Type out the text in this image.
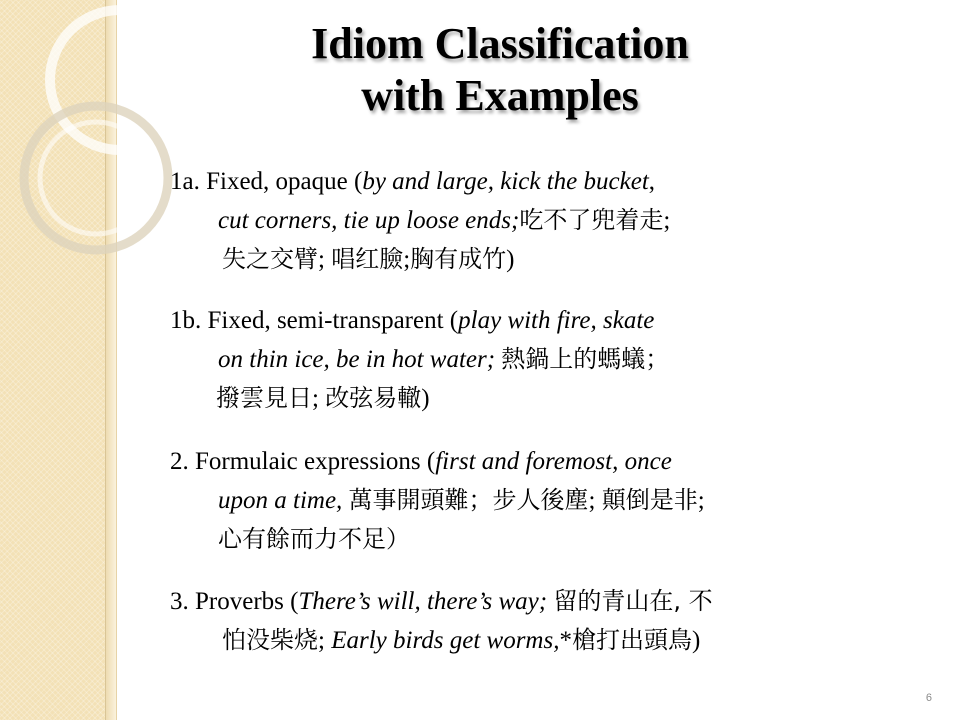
Idiom Classification
with Examples
1a. Fixed, opaque (by and large, kick the bucket,
cut corners, tie up loose ends;吃不了兜着走;
失之交臂; 唱红臉;胸有成竹)
1b. Fixed, semi-transparent (play with fire, skate
on thin ice, be in hot water; 熱鍋上的螞蟻；
撥雲見日; 改弦易轍)
2. Formulaic expressions (first and foremost, once
upon a time, 萬事開頭難；步人後塵; 顛倒是非;
心有餘而力不足）
3. Proverbs (There’s will, there’s way; 留的青山在, 不
怕没柴烧; Early birds get worms,*槍打出頭鳥)
6
